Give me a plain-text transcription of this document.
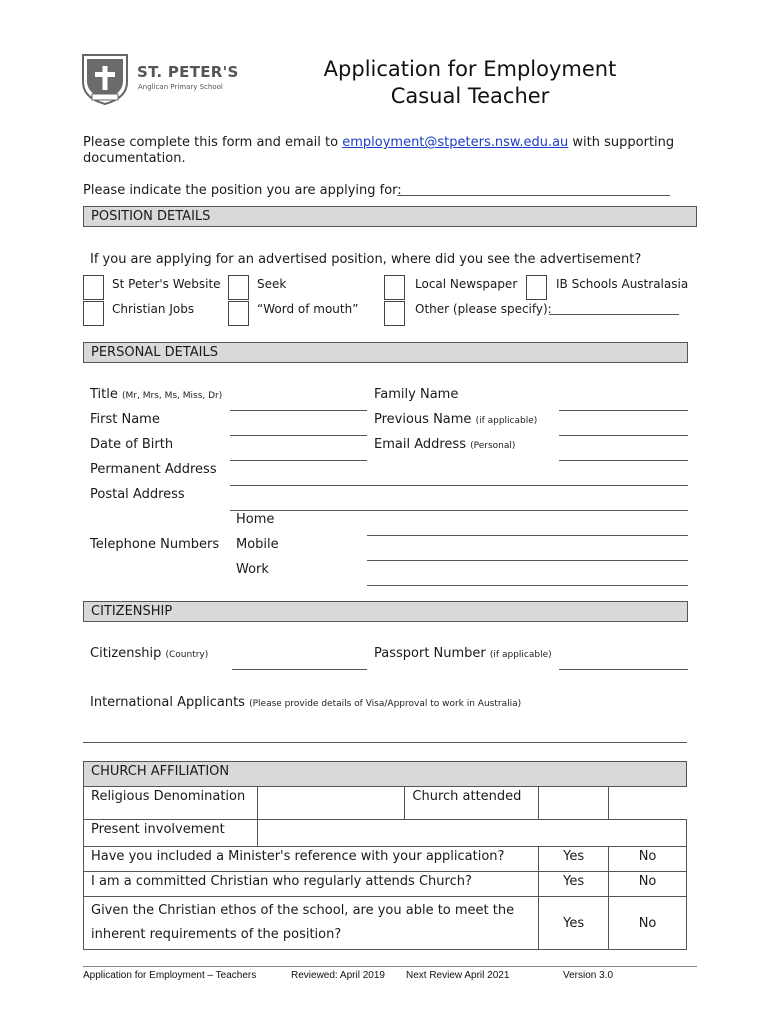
ST. PETER'S
Anglican Primary School
Application for Employment
Casual Teacher
Please complete this form and email to employment@stpeters.nsw.edu.au with supporting
documentation.
Please indicate the position you are applying for:
POSITION DETAILS
If you are applying for an advertised position, where did you see the advertisement?
St Peter's Website	Seek	Local Newspaper	IB Schools Australasia
Christian Jobs	“Word of mouth”	Other (please specify):
PERSONAL DETAILS
Title (Mr, Mrs, Ms, Miss, Dr)	Family Name
First Name	Previous Name (if applicable)
Date of Birth	Email Address (Personal)
Permanent Address
Postal Address
Home
Telephone Numbers Mobile
Work
CITIZENSHIP
Citizenship (Country)	Passport Number (if applicable)
International Applicants (Please provide details of Visa/Approval to work in Australia)
CHURCH AFFILIATION				
Religious Denomination		Church attended		
Present involvement				
Have you included a Minister's reference with your application?			Yes	No
I am a committed Christian who regularly attends Church?			Yes	No

Given the Christian ethos of the school, are you able to meet the
inherent requirements of the position?			Yes	No
Application for Employment – Teachers	Reviewed: April 2019 Next Review April 2021	Version 3.0
